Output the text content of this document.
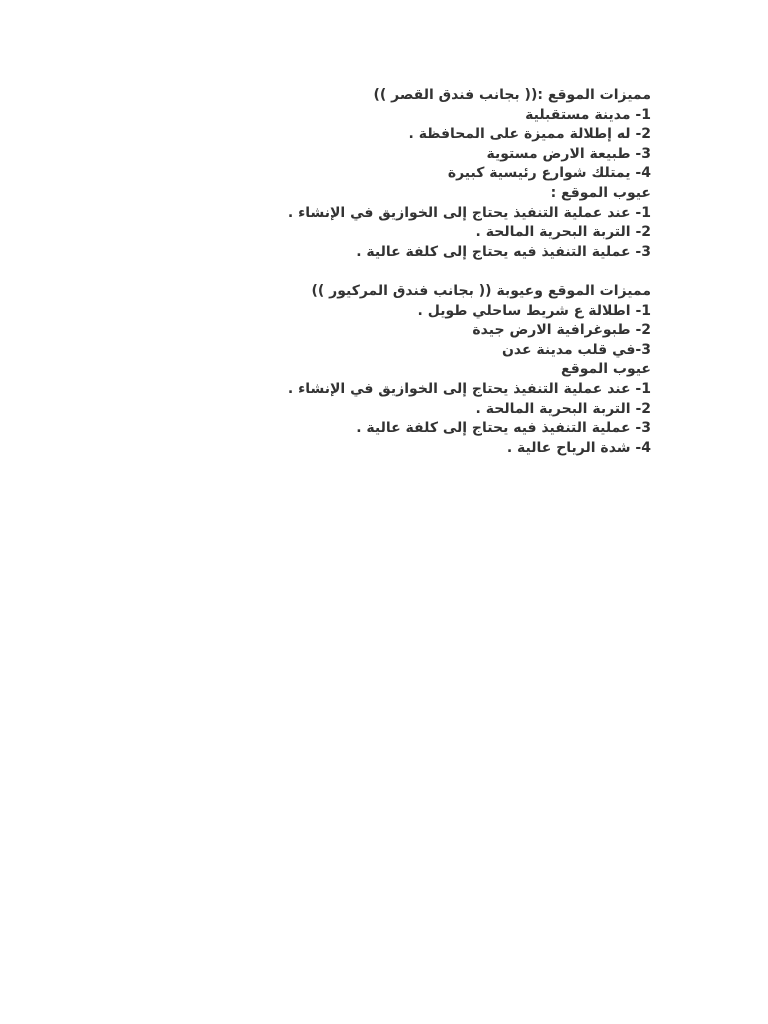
مميزات الموقع :(( بجانب فندق القصر ))
1- مدينة مستقبلية
2- له إطلالة مميزة على المحافظة .
3- طبيعة الارض مستوية
4- يمتلك شوارع رئيسية كبيرة
عيوب الموقع :
1- عند عملية التنفيذ يحتاج إلى الخوازيق في الإنشاء .
2- التربة البحرية المالحة .
3- عملية التنفيذ فيه يحتاج إلى كلفة عالية .
مميزات الموقع وعيوبة (( بجانب فندق المركيور ))
1- اطلالة ع شريط ساحلي طويل .
2- طبوغرافية الارض جيدة
3-في قلب مدينة عدن
عيوب الموقع
1- عند عملية التنفيذ يحتاج إلى الخوازيق في الإنشاء .
2- التربة البحرية المالحة .
3- عملية التنفيذ فيه يحتاج إلى كلفة عالية .
4- شدة الرياح عالية .
